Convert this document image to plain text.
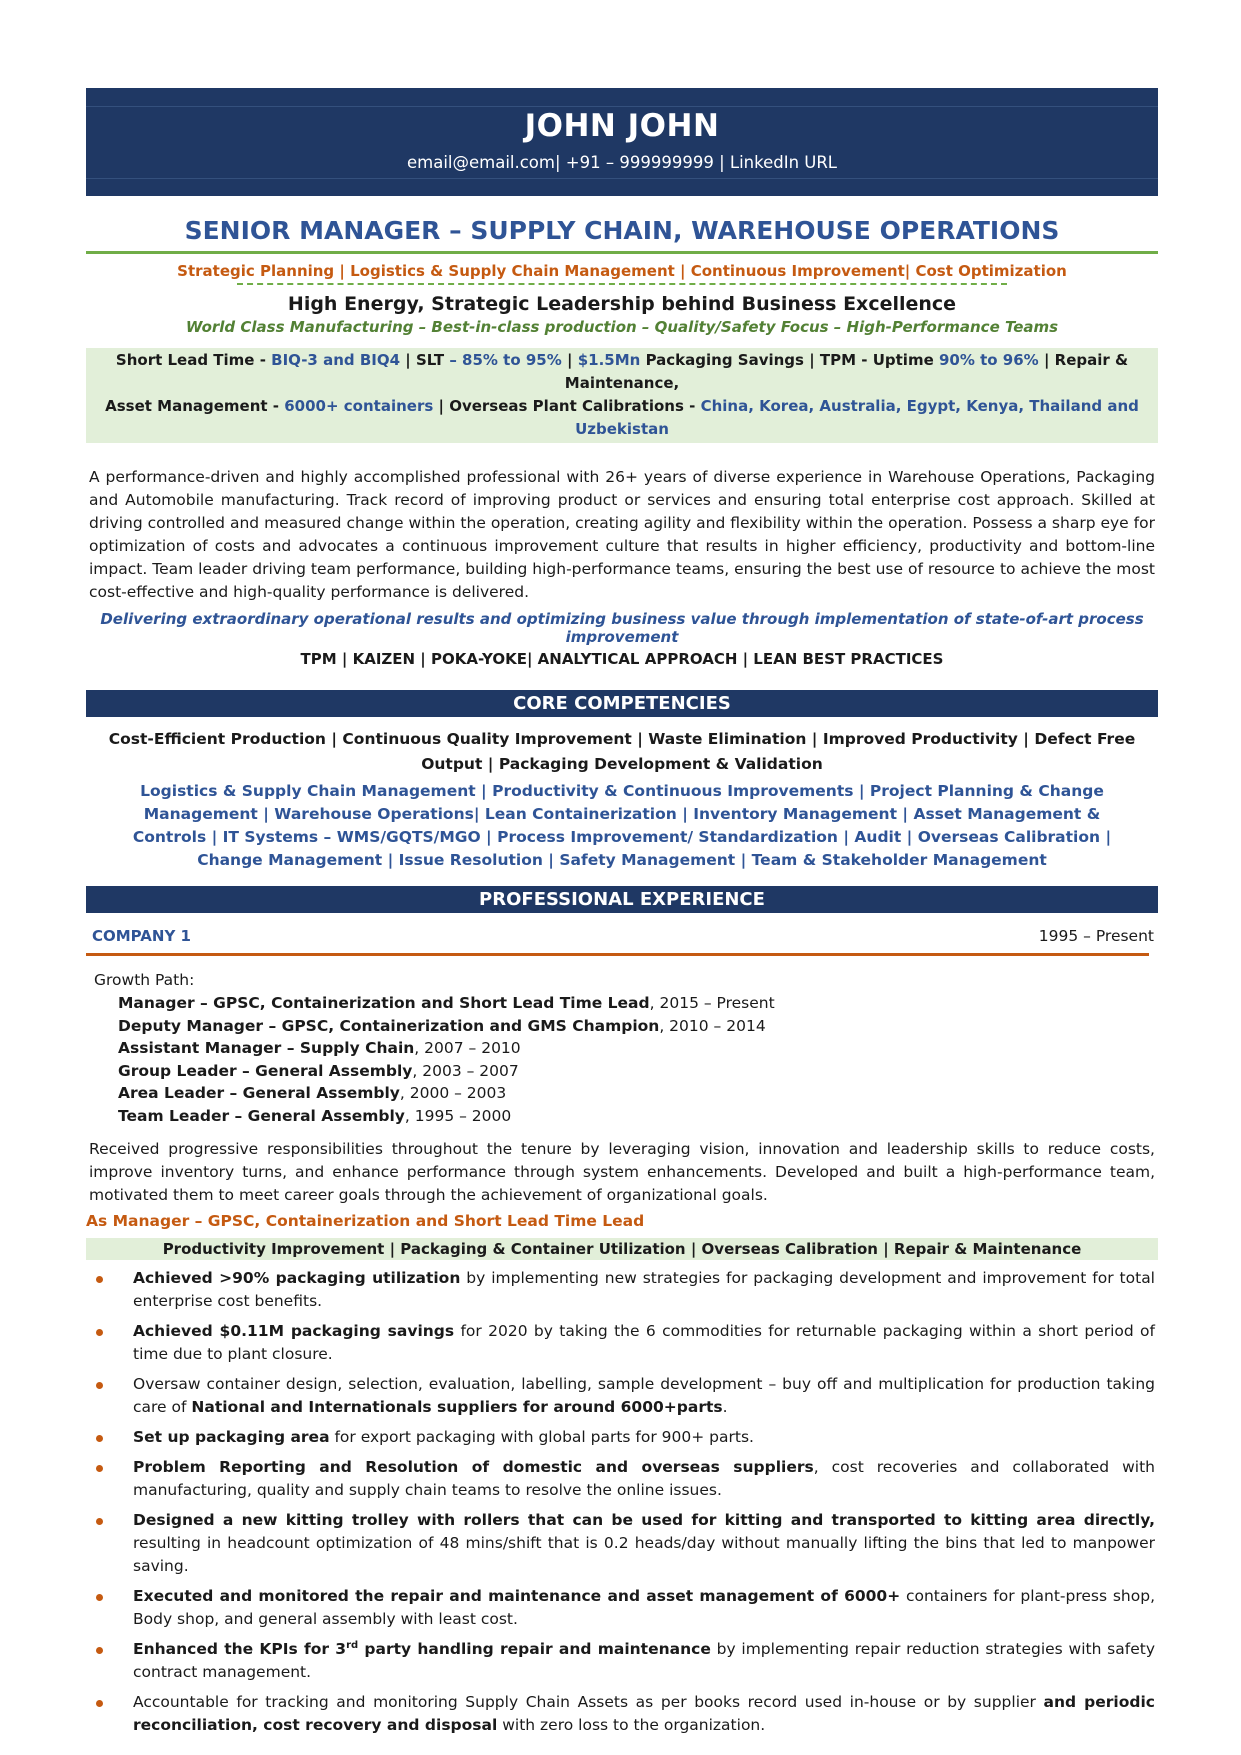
JOHN JOHN
email@email.com| +91 – 999999999 | LinkedIn URL
SENIOR MANAGER – SUPPLY CHAIN, WAREHOUSE OPERATIONS
Strategic Planning | Logistics & Supply Chain Management | Continuous Improvement| Cost Optimization
High Energy, Strategic Leadership behind Business Excellence
World Class Manufacturing – Best-in-class production – Quality/Safety Focus – High-Performance Teams
Short Lead Time - BIQ-3 and BIQ4 | SLT – 85% to 95% | $1.5Mn Packaging Savings | TPM - Uptime 90% to 96% | Repair & Maintenance,
Asset Management - 6000+ containers | Overseas Plant Calibrations - China, Korea, Australia, Egypt, Kenya, Thailand and Uzbekistan
A performance-driven and highly accomplished professional with 26+ years of diverse experience in Warehouse Operations, Packaging and Automobile manufacturing. Track record of improving product or services and ensuring total enterprise cost approach. Skilled at driving controlled and measured change within the operation, creating agility and flexibility within the operation. Possess a sharp eye for optimization of costs and advocates a continuous improvement culture that results in higher efficiency, productivity and bottom-line impact. Team leader driving team performance, building high-performance teams, ensuring the best use of resource to achieve the most cost-effective and high-quality performance is delivered.
Delivering extraordinary operational results and optimizing business value through implementation of state-of-art process improvement
TPM | KAIZEN | POKA-YOKE| ANALYTICAL APPROACH | LEAN BEST PRACTICES
CORE COMPETENCIES
Cost-Efficient Production | Continuous Quality Improvement | Waste Elimination | Improved Productivity | Defect Free Output | Packaging Development & Validation
Logistics & Supply Chain Management | Productivity & Continuous Improvements | Project Planning & Change Management | Warehouse Operations| Lean Containerization | Inventory Management | Asset Management & Controls | IT Systems – WMS/GQTS/MGO | Process Improvement/ Standardization | Audit | Overseas Calibration | Change Management | Issue Resolution | Safety Management | Team & Stakeholder Management
PROFESSIONAL EXPERIENCE
COMPANY 1	1995 – Present
Growth Path:
Manager – GPSC, Containerization and Short Lead Time Lead, 2015 – Present
Deputy Manager – GPSC, Containerization and GMS Champion, 2010 – 2014
Assistant Manager – Supply Chain, 2007 – 2010
Group Leader – General Assembly, 2003 – 2007
Area Leader – General Assembly, 2000 – 2003
Team Leader – General Assembly, 1995 – 2000
Received progressive responsibilities throughout the tenure by leveraging vision, innovation and leadership skills to reduce costs, improve inventory turns, and enhance performance through system enhancements. Developed and built a high-performance team, motivated them to meet career goals through the achievement of organizational goals.
As Manager – GPSC, Containerization and Short Lead Time Lead
Productivity Improvement | Packaging & Container Utilization | Overseas Calibration | Repair & Maintenance
Achieved >90% packaging utilization by implementing new strategies for packaging development and improvement for total enterprise cost benefits.
Achieved $0.11M packaging savings for 2020 by taking the 6 commodities for returnable packaging within a short period of time due to plant closure.
Oversaw container design, selection, evaluation, labelling, sample development – buy off and multiplication for production taking care of National and Internationals suppliers for around 6000+parts.
Set up packaging area for export packaging with global parts for 900+ parts.
Problem Reporting and Resolution of domestic and overseas suppliers, cost recoveries and collaborated with manufacturing, quality and supply chain teams to resolve the online issues.
Designed a new kitting trolley with rollers that can be used for kitting and transported to kitting area directly, resulting in headcount optimization of 48 mins/shift that is 0.2 heads/day without manually lifting the bins that led to manpower saving.
Executed and monitored the repair and maintenance and asset management of 6000+ containers for plant-press shop, Body shop, and general assembly with least cost.
Enhanced the KPIs for 3rd party handling repair and maintenance by implementing repair reduction strategies with safety contract management.
Accountable for tracking and monitoring Supply Chain Assets as per books record used in-house or by supplier and periodic reconciliation, cost recovery and disposal with zero loss to the organization.
